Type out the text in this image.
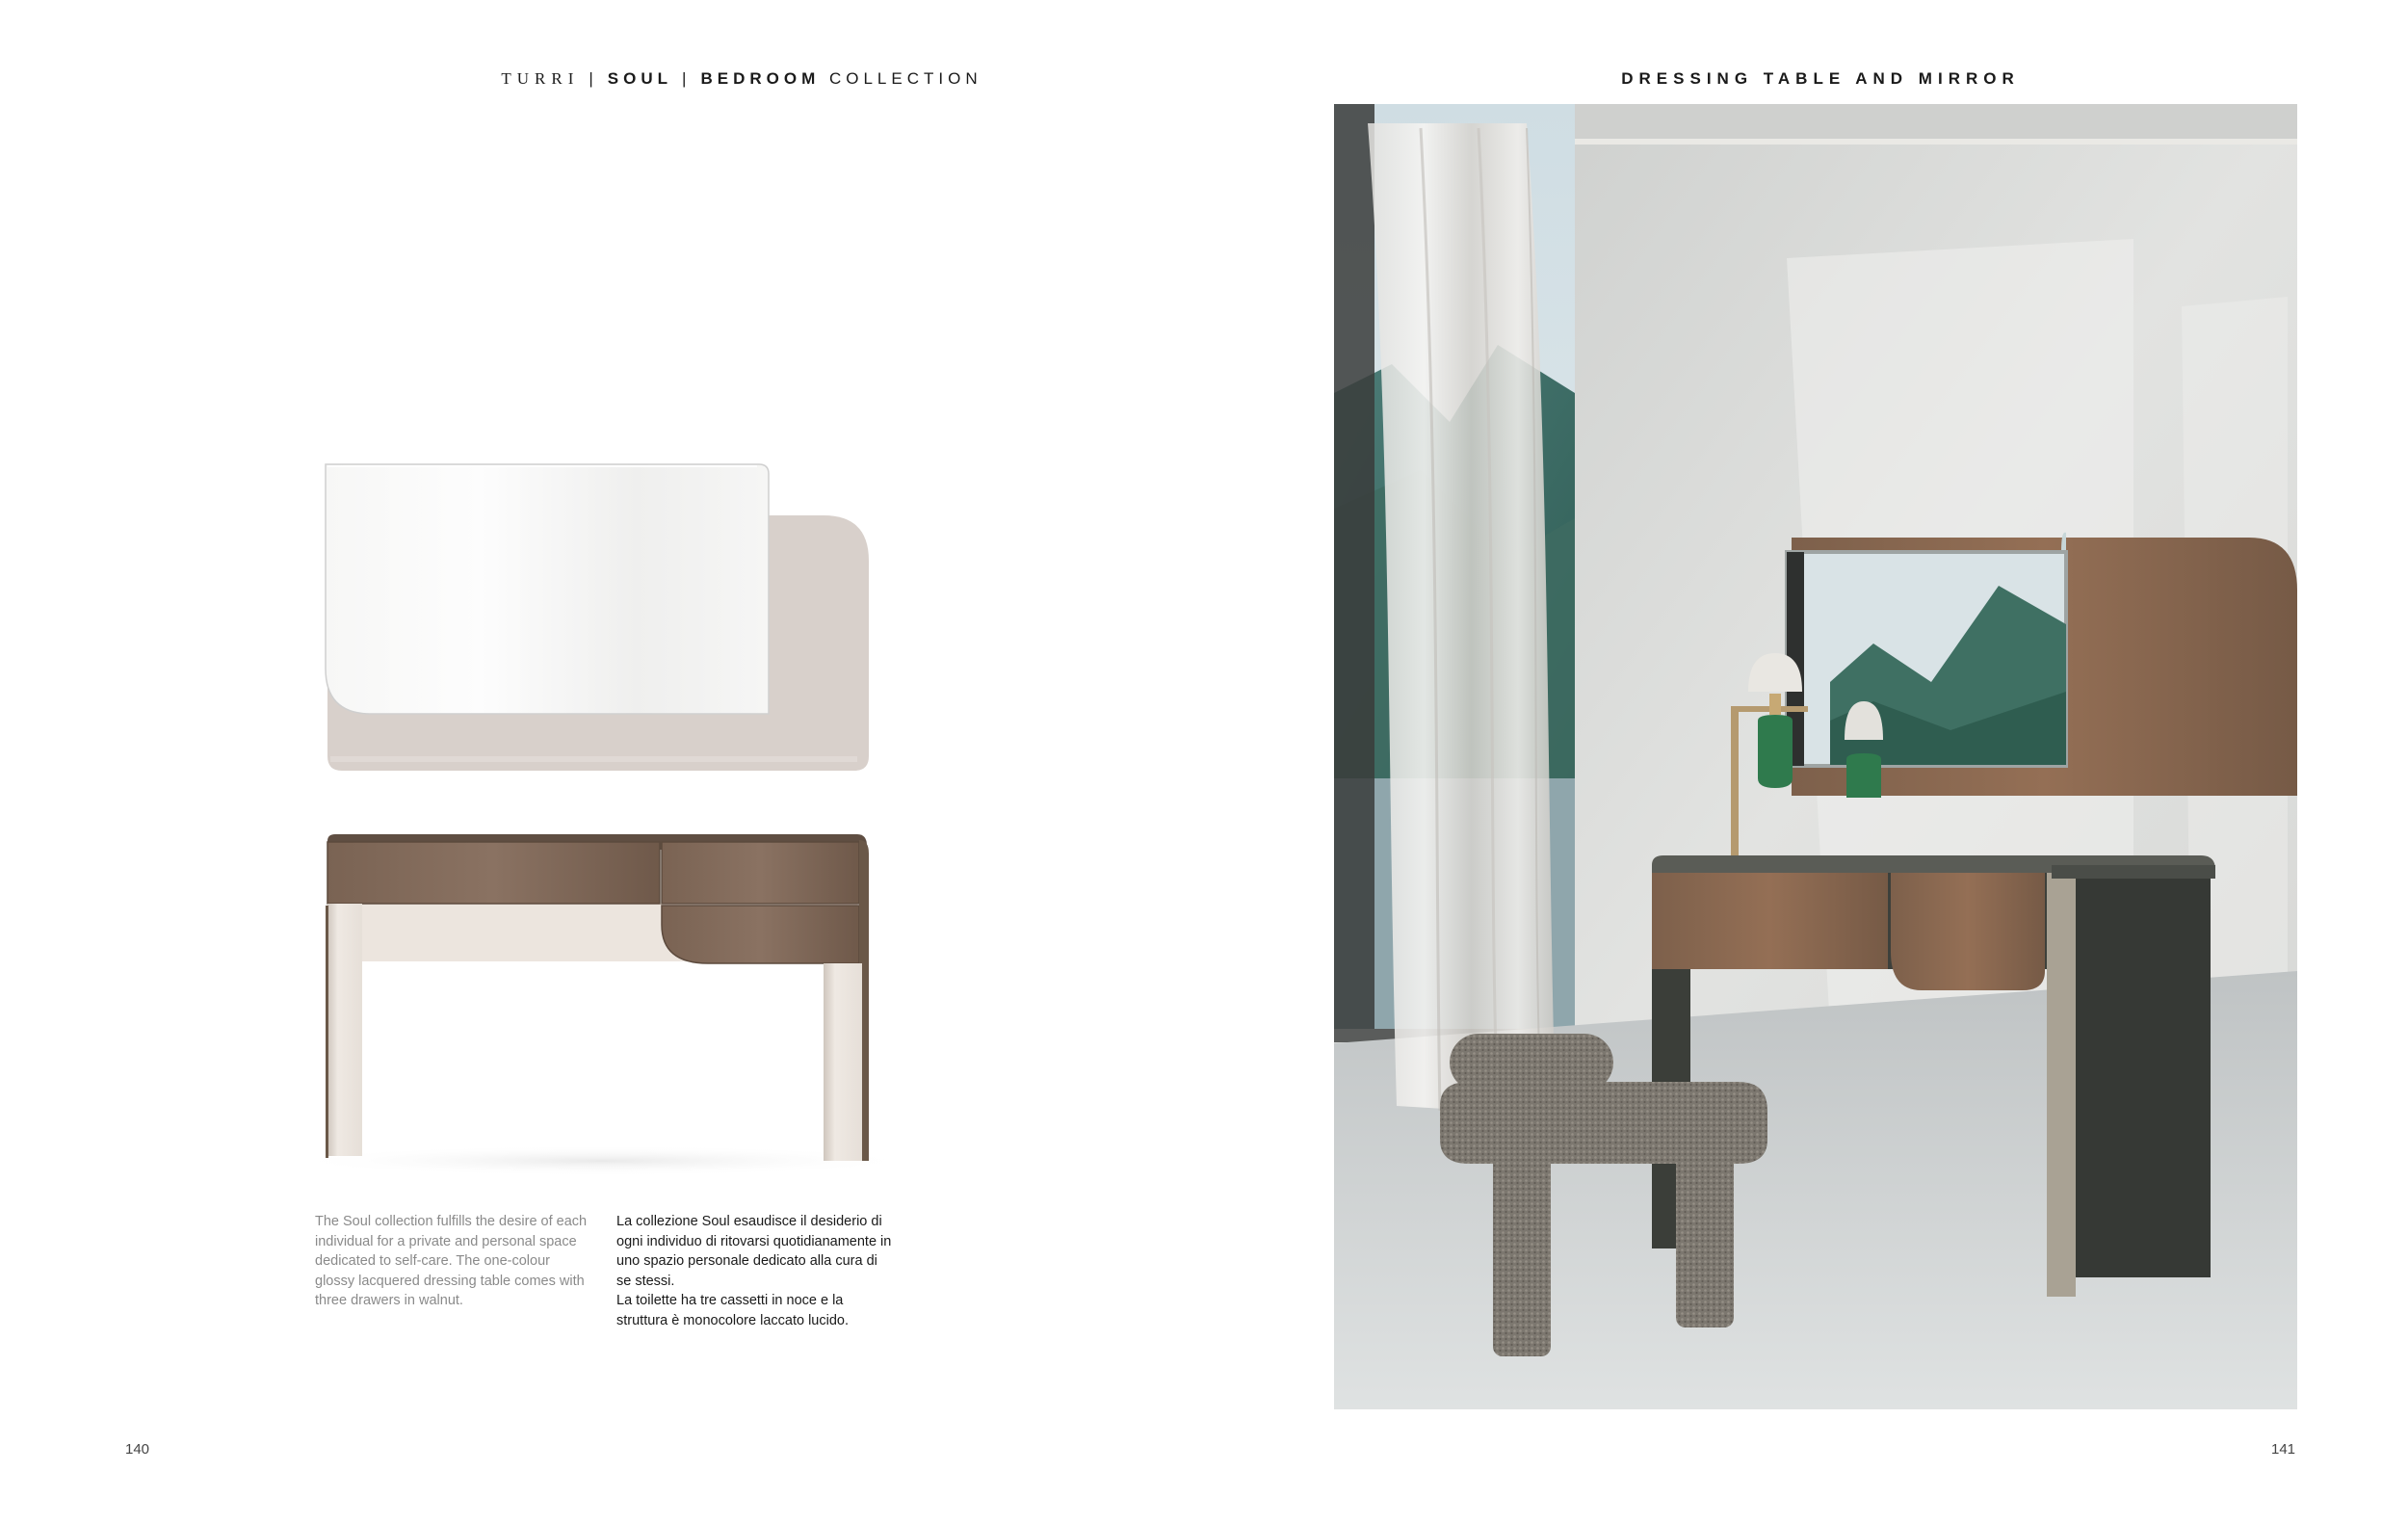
TURRI | SOUL | BEDROOM COLLECTION	DRESSING TABLE AND MIRROR

The Soul collection fulfills the desire of each individual for a private and personal space dedicated to self-care. The one-colour glossy lacquered dressing table comes with three drawers in walnut.

La collezione Soul esaudisce il desiderio di ogni individuo di ritovarsi quotidianamente in uno spazio personale dedicato alla cura di se stessi.

La toilette ha tre cassetti in noce e la struttura è monocolore laccato lucido.

140	141
